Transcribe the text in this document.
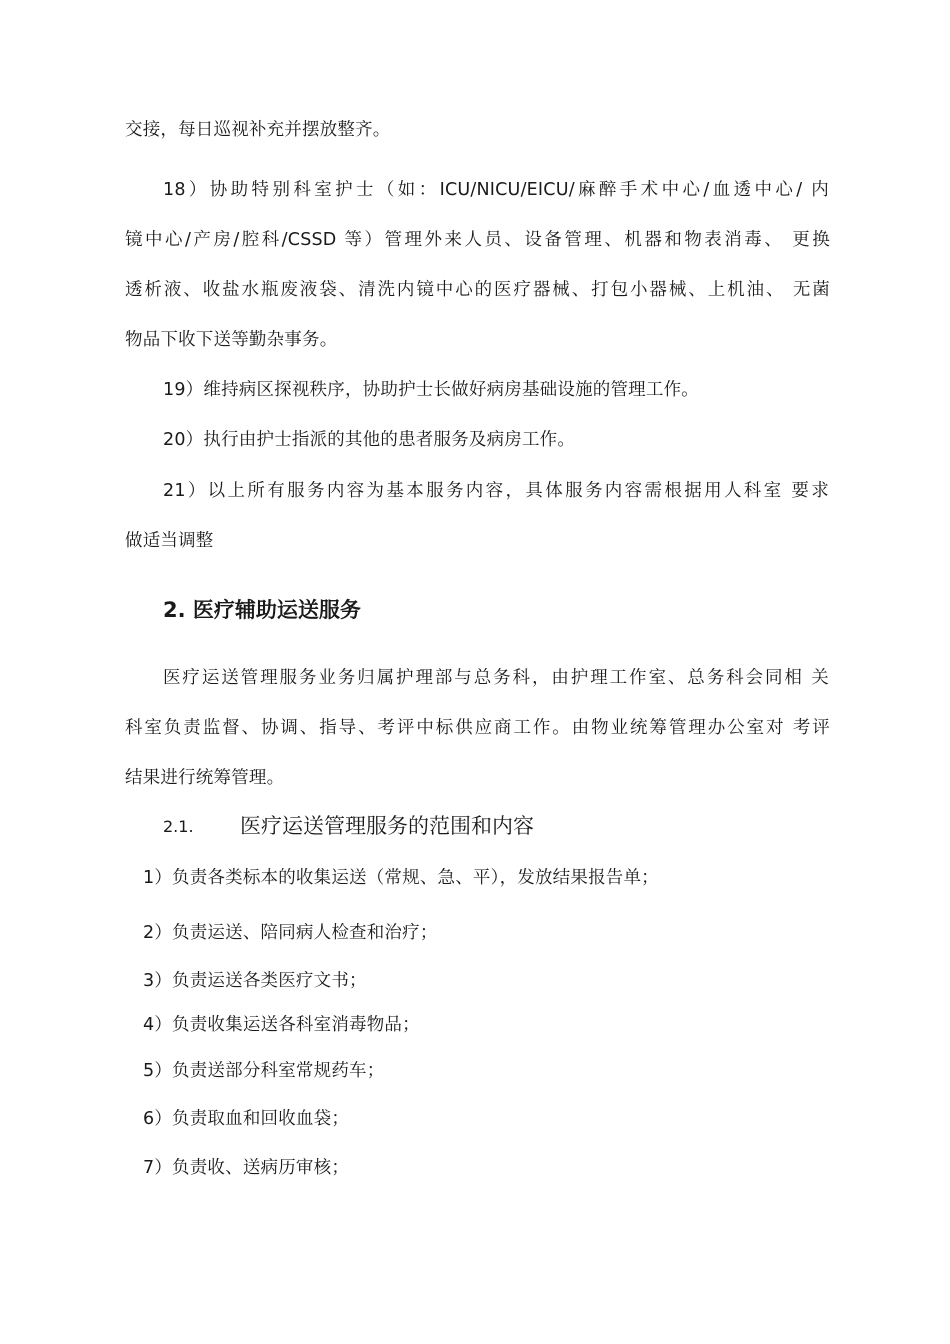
交接，每日巡视补充并摆放整齐。
18）协助特别科室护士（如：ICU/NICU/EICU/麻醉手术中心/血透中心/ 内
镜中心/产房/腔科/CSSD 等）管理外来人员、设备管理、机器和物表消毒、 更换
透析液、收盐水瓶废液袋、清洗内镜中心的医疗器械、打包小器械、上机油、 无菌
物品下收下送等勤杂事务。
19）维持病区探视秩序，协助护士长做好病房基础设施的管理工作。
20）执行由护士指派的其他的患者服务及病房工作。
21）以上所有服务内容为基本服务内容，具体服务内容需根据用人科室 要求
做适当调整
2. 医疗辅助运送服务
医疗运送管理服务业务归属护理部与总务科，由护理工作室、总务科会同相 关
科室负责监督、协调、指导、考评中标供应商工作。由物业统筹管理办公室对 考评
结果进行统筹管理。
2.1. 医疗运送管理服务的范围和内容
1）负责各类标本的收集运送（常规、急、平），发放结果报告单；
2）负责运送、陪同病人检查和治疗；
3）负责运送各类医疗文书；
4）负责收集运送各科室消毒物品；
5）负责送部分科室常规药车；
6）负责取血和回收血袋；
7）负责收、送病历审核；
